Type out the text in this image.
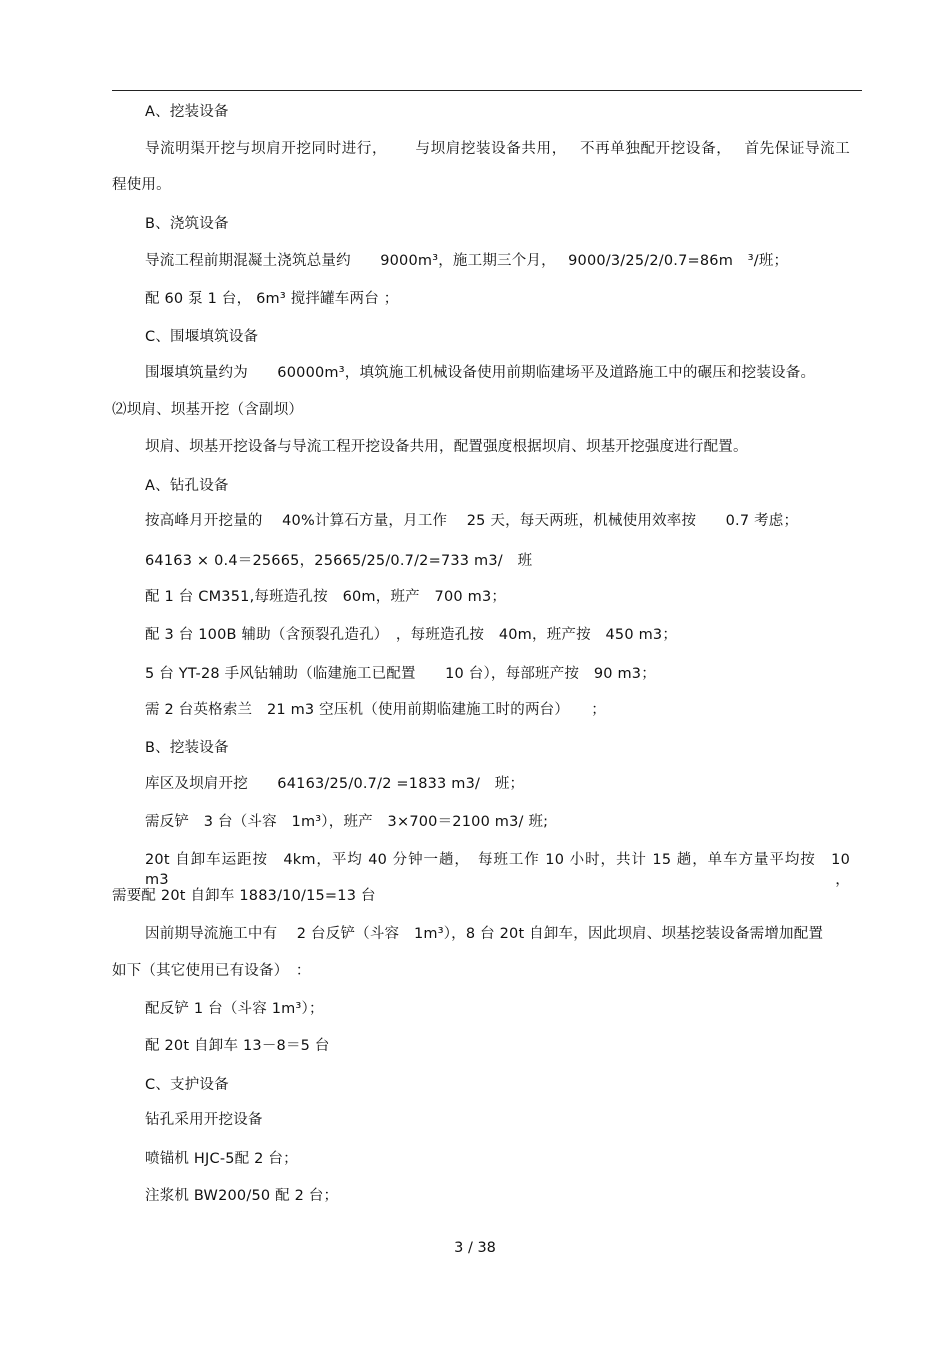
A、挖装设备
导流明渠开挖与坝肩开挖同时进行，　　 与坝肩挖装设备共用，　 不再单独配开挖设备，　 首先保证导流工
程使用。
B、浇筑设备
导流工程前期混凝土浇筑总量约　　9000m³，施工期三个月，　 9000/3/25/2/0.7=86m　³/班；
配 60 泵 1 台， 6m³ 搅拌罐车两台 ；
C、围堰填筑设备
围堰填筑量约为　　60000m³，填筑施工机械设备使用前期临建场平及道路施工中的碾压和挖装设备。
⑵坝肩、坝基开挖（含副坝）
坝肩、坝基开挖设备与导流工程开挖设备共用，配置强度根据坝肩、坝基开挖强度进行配置。
A、钻孔设备
按高峰月开挖量的　 40%计算石方量，月工作　 25 天，每天两班，机械使用效率按　　0.7 考虑；
64163 × 0.4＝25665，25665/25/0.7/2=733 m3/　班
配 1 台 CM351,每班造孔按　60m，班产　700 m3；
配 3 台 100B 辅助（含预裂孔造孔）　，每班造孔按　40m，班产按　450 m3；
5 台 YT-28 手风钻辅助（临建施工已配置　　10 台），每部班产按　90 m3；
需 2 台英格索兰　21 m3 空压机（使用前期临建施工时的两台）　　；
B、挖装设备
库区及坝肩开挖　　64163/25/0.7/2 =1833 m3/　班；
需反铲　3 台（斗容　1m³），班产　3×700＝2100 m3/ 班;
20t 自卸车运距按　4km，平均 40 分钟一趟，　每班工作 10 小时，共计 15 趟，单车方量平均按　10 m3，
需要配 20t 自卸车 1883/10/15=13 台
因前期导流施工中有　 2 台反铲（斗容　1m³），8 台 20t 自卸车，因此坝肩、坝基挖装设备需增加配置
如下（其它使用已有设备）　：
配反铲 1 台（斗容 1m³）；
配 20t 自卸车 13－8＝5 台
C、支护设备
钻孔采用开挖设备
喷锚机 HJC-5配 2 台；
注浆机 BW200/50 配 2 台；
3 / 38
